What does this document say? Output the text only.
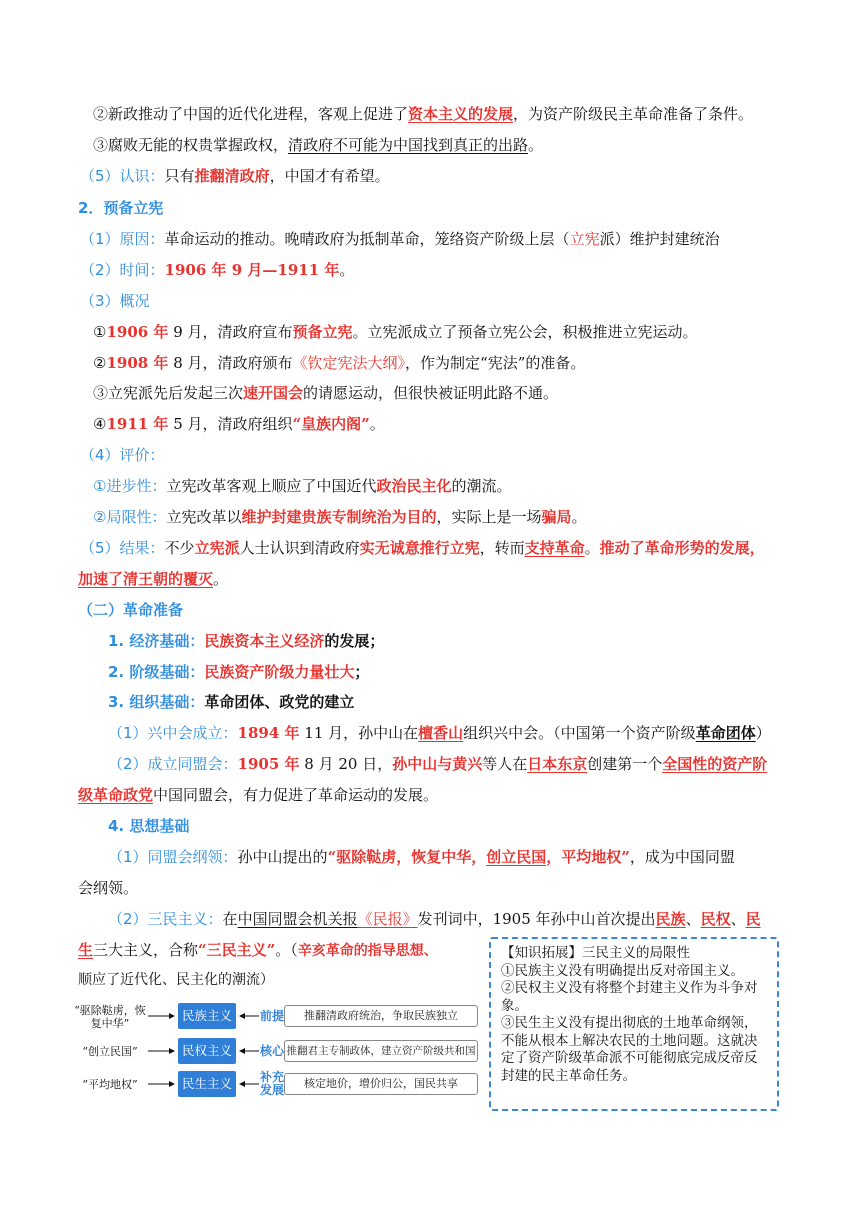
②新政推动了中国的近代化进程，客观上促进了资本主义的发展，为资产阶级民主革命准备了条件。
③腐败无能的权贵掌握政权，清政府不可能为中国找到真正的出路。
（5）认识：只有推翻清政府，中国才有希望。
2．预备立宪
（1）原因：革命运动的推动。晚晴政府为抵制革命，笼络资产阶级上层（立宪派）维护封建统治
（2）时间：1906 年 9 月—1911 年。
（3）概况
①1906 年 9 月，清政府宣布预备立宪。立宪派成立了预备立宪公会，积极推进立宪运动。
②1908 年 8 月，清政府颁布《钦定宪法大纲》，作为制定“宪法”的准备。
③立宪派先后发起三次速开国会的请愿运动，但很快被证明此路不通。
④1911 年 5 月，清政府组织“皇族内阁”。
（4）评价：
①进步性：立宪改革客观上顺应了中国近代政治民主化的潮流。
②局限性：立宪改革以维护封建贵族专制统治为目的，实际上是一场骗局。
（5）结果：不少立宪派人士认识到清政府实无诚意推行立宪，转而支持革命。推动了革命形势的发展，
加速了清王朝的覆灭。
（二）革命准备
1. 经济基础：民族资本主义经济的发展；
2. 阶级基础：民族资产阶级力量壮大；
3. 组织基础：革命团体、政党的建立
（1）兴中会成立：1894 年 11 月，孙中山在檀香山组织兴中会。（中国第一个资产阶级革命团体）
（2）成立同盟会：1905 年 8 月 20 日，孙中山与黄兴等人在日本东京创建第一个全国性的资产阶
级革命政党中国同盟会，有力促进了革命运动的发展。
4. 思想基础
（1）同盟会纲领：孙中山提出的“驱除鞑虏，恢复中华，创立民国，平均地权”，成为中国同盟
会纲领。
（2）三民主义：在中国同盟会机关报《民报》发刊词中，1905 年孙中山首次提出民族、民权、民
生三大主义，合称“三民主义”。（辛亥革命的指导思想、
顺应了近代化、民主化的潮流）
“驱除鞑虏，恢复中华”
“创立民国”
“平均地权”
民族主义
民权主义
民生主义
前提
核心
补充发展
推翻清政府统治，争取民族独立
推翻君主专制政体，建立资产阶级共和国
核定地价，增价归公，国民共享
【知识拓展】三民主义的局限性
①民族主义没有明确提出反对帝国主义。
②民权主义没有将整个封建主义作为斗争对象。
③民生主义没有提出彻底的土地革命纲领，不能从根本上解决农民的土地问题。这就决定了资产阶级革命派不可能彻底完成反帝反封建的民主革命任务。
